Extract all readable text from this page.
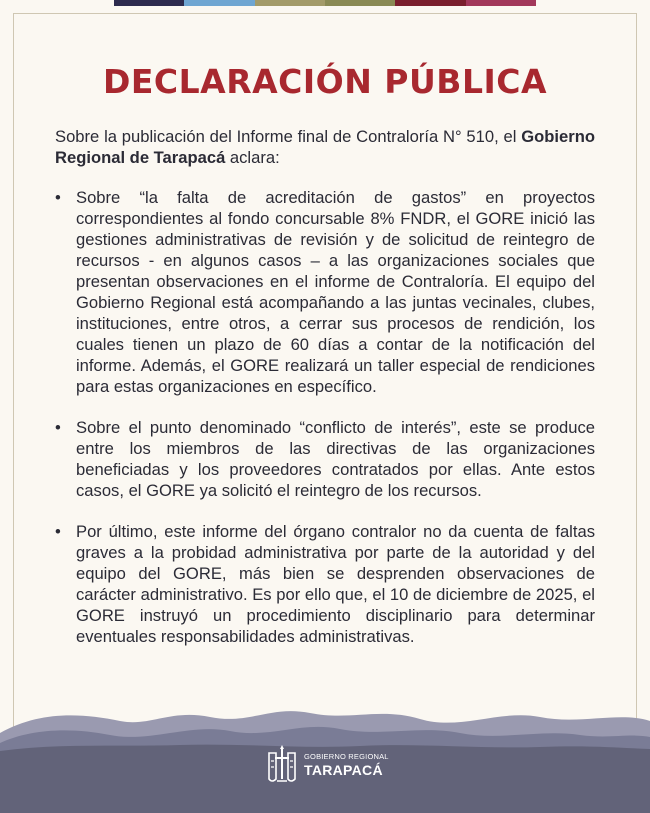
DECLARACIÓN PÚBLICA

Sobre la publicación del Informe final de Contraloría N° 510, el Gobierno Regional de Tarapacá aclara:

• Sobre “la falta de acreditación de gastos” en proyectos correspondientes al fondo concursable 8% FNDR, el GORE inició las gestiones administrativas de revisión y de solicitud de reintegro de recursos - en algunos casos – a las organizaciones sociales que presentan observaciones en el informe de Contraloría. El equipo del Gobierno Regional está acompañando a las juntas vecinales, clubes, instituciones, entre otros, a cerrar sus procesos de rendición, los cuales tienen un plazo de 60 días a contar de la notificación del informe. Además, el GORE realizará un taller especial de rendiciones para estas organizaciones en específico.
• Sobre el punto denominado “conflicto de interés”, este se produce entre los miembros de las directivas de las organizaciones beneficiadas y los proveedores contratados por ellas. Ante estos casos, el GORE ya solicitó el reintegro de los recursos.
• Por último, este informe del órgano contralor no da cuenta de faltas graves a la probidad administrativa por parte de la autoridad y del equipo del GORE, más bien se desprenden observaciones de carácter administrativo. Es por ello que, el 10 de diciembre de 2025, el GORE instruyó un procedimiento disciplinario para determinar eventuales responsabilidades administrativas.
GOBIERNO REGIONAL
TARAPACÁ
